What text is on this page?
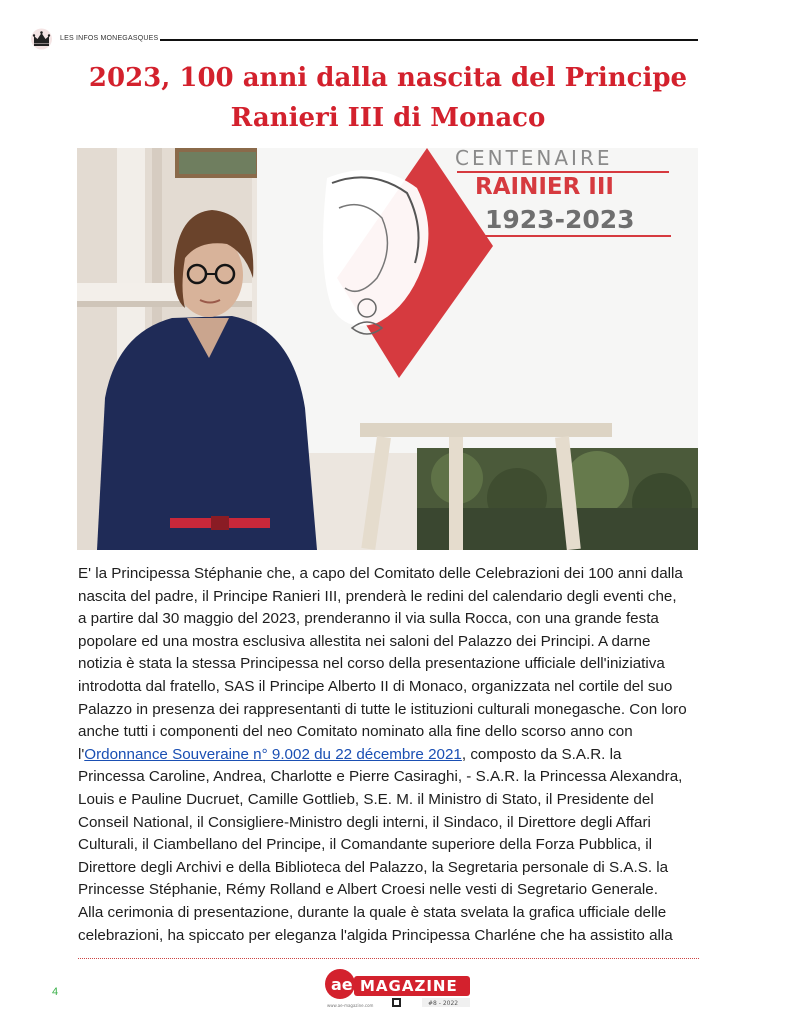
LES INFOS MONEGASQUES
2023, 100 anni dalla nascita del Principe
Ranieri III di Monaco
CENTENAIRE
RAINIER III
1923-2023
E' la Principessa Stéphanie che, a capo del Comitato delle Celebrazioni dei 100 anni dalla
nascita del padre, il Principe Ranieri III, prenderà le redini del calendario degli eventi che,
a partire dal 30 maggio del 2023, prenderanno il via sulla Rocca, con una grande festa
popolare ed una mostra esclusiva allestita nei saloni del Palazzo dei Principi. A darne
notizia è stata la stessa Principessa nel corso della presentazione ufficiale dell'iniziativa
introdotta dal fratello, SAS il Principe Alberto II di Monaco, organizzata nel cortile del suo
Palazzo in presenza dei rappresentanti di tutte le istituzioni culturali monegasche. Con loro
anche tutti i componenti del neo Comitato nominato alla fine dello scorso anno con
l'Ordonnance Souveraine n° 9.002 du 22 décembre 2021, composto da S.A.R. la
Princessa Caroline, Andrea, Charlotte e Pierre Casiraghi, - S.A.R. la Princessa Alexandra,
Louis e Pauline Ducruet, Camille Gottlieb, S.E. M. il Ministro di Stato, il Presidente del
Conseil National, il Consigliere-Ministro degli interni, il Sindaco, il Direttore degli Affari
Culturali, il Ciambellano del Principe, il Comandante superiore della Forza Pubblica, il
Direttore degli Archivi e della Biblioteca del Palazzo, la Segretaria personale di S.A.S. la
Princesse Stéphanie, Rémy Rolland e Albert Croesi nelle vesti di Segretario Generale.
Alla cerimonia di presentazione, durante la quale è stata svelata la grafica ufficiale delle
celebrazioni, ha spiccato per eleganza l'algida Principessa Charléne che ha assistito alla
4	ae MAGAZINE
#8 - 2022
www.ae-magazine.com
